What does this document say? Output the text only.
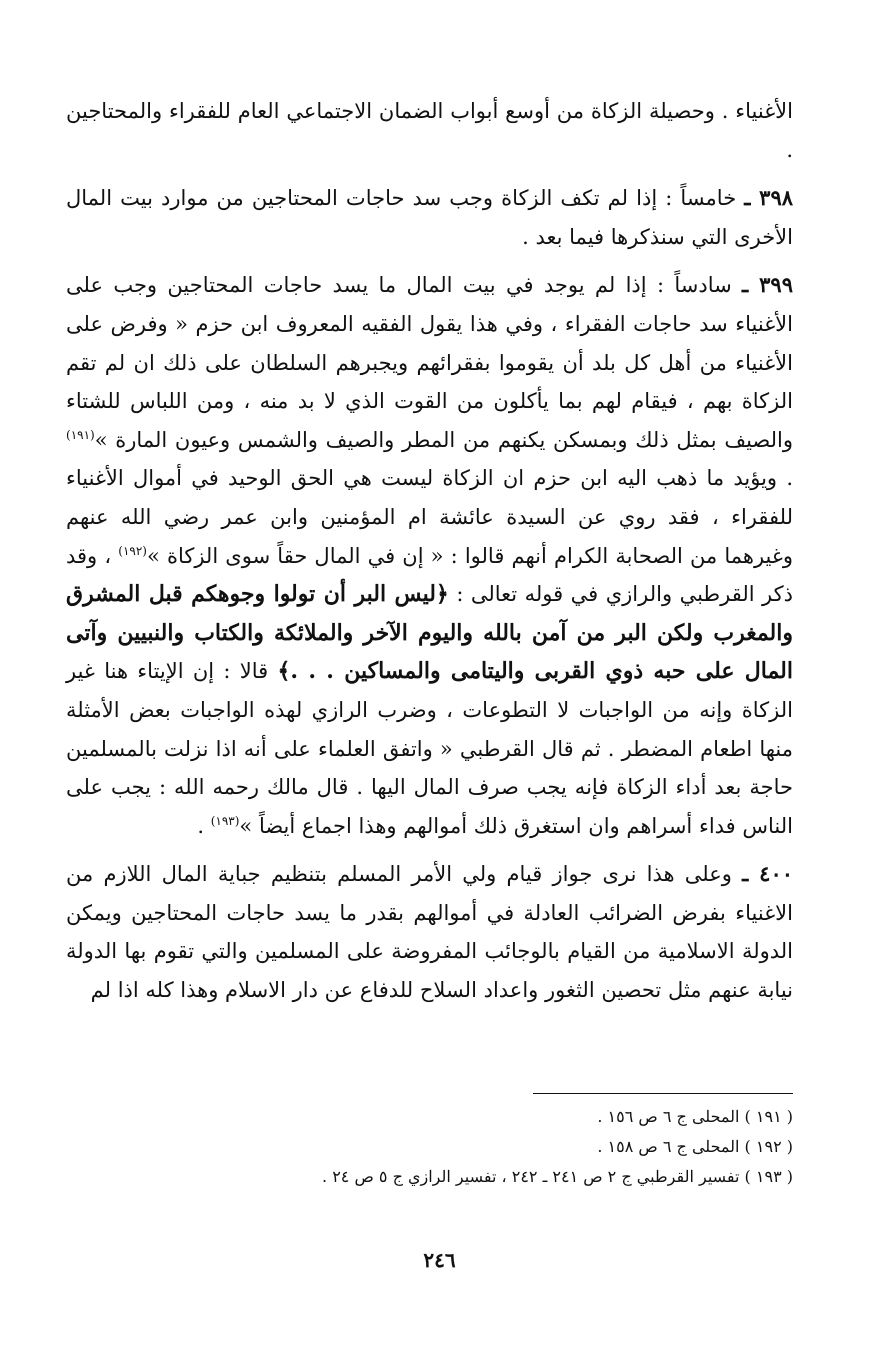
الأغنياء . وحصيلة الزكاة من أوسع أبواب الضمان الاجتماعي العام للفقراء والمحتاجين .

٣٩٨ ـ خامساً : إذا لم تكف الزكاة وجب سد حاجات المحتاجين من موارد بيت المال الأخرى التي سنذكرها فيما بعد .

٣٩٩ ـ سادساً : إذا لم يوجد في بيت المال ما يسد حاجات المحتاجين وجب على الأغنياء سد حاجات الفقراء ، وفي هذا يقول الفقيه المعروف ابن حزم « وفرض على الأغنياء من أهل كل بلد أن يقوموا بفقرائهم ويجبرهم السلطان على ذلك ان لم تقم الزكاة بهم ، فيقام لهم بما يأكلون من القوت الذي لا بد منه ، ومن اللباس للشتاء والصيف بمثل ذلك وبمسكن يكنهم من المطر والصيف والشمس وعيون المارة »$^{(١٩١)}$ . ويؤيد ما ذهب اليه ابن حزم ان الزكاة ليست هي الحق الوحيد في أموال الأغنياء للفقراء ، فقد روي عن السيدة عائشة ام المؤمنين وابن عمر رضي الله عنهم وغيرهما من الصحابة الكرام أنهم قالوا : « إن في المال حقاً سوى الزكاة »$^{(١٩٢)}$ ، وقد ذكر القرطبي والرازي في قوله تعالى : ﴿ليس البر أن تولوا وجوهكم قبل المشرق والمغرب ولكن البر من آمن بالله واليوم الآخر والملائكة والكتاب والنبيين وآتى المال على حبه ذوي القربى واليتامى والمساكين . . .﴾ قالا : إن الإيتاء هنا غير الزكاة وإنه من الواجبات لا التطوعات ، وضرب الرازي لهذه الواجبات بعض الأمثلة منها اطعام المضطر . ثم قال القرطبي « واتفق العلماء على أنه اذا نزلت بالمسلمين حاجة بعد أداء الزكاة فإنه يجب صرف المال اليها . قال مالك رحمه الله : يجب على الناس فداء أسراهم وان استغرق ذلك أموالهم وهذا اجماع أيضاً »$^{(١٩٣)}$ .

٤٠٠ ـ وعلى هذا نرى جواز قيام ولي الأمر المسلم بتنظيم جباية المال اللازم من الاغنياء بفرض الضرائب العادلة في أموالهم بقدر ما يسد حاجات المحتاجين ويمكن الدولة الاسلامية من القيام بالوجائب المفروضة على المسلمين والتي تقوم بها الدولة نيابة عنهم مثل تحصين الثغور واعداد السلاح للدفاع عن دار الاسلام وهذا كله اذا لم

( ١٩١ ) المحلى ج ٦ ص ١٥٦ .

( ١٩٢ ) المحلى ج ٦ ص ١٥٨ .

( ١٩٣ ) تفسير القرطبي ج ٢ ص ٢٤١ ـ ٢٤٢ ، تفسير الرازي ج ٥ ص ٢٤ .

٢٤٦
